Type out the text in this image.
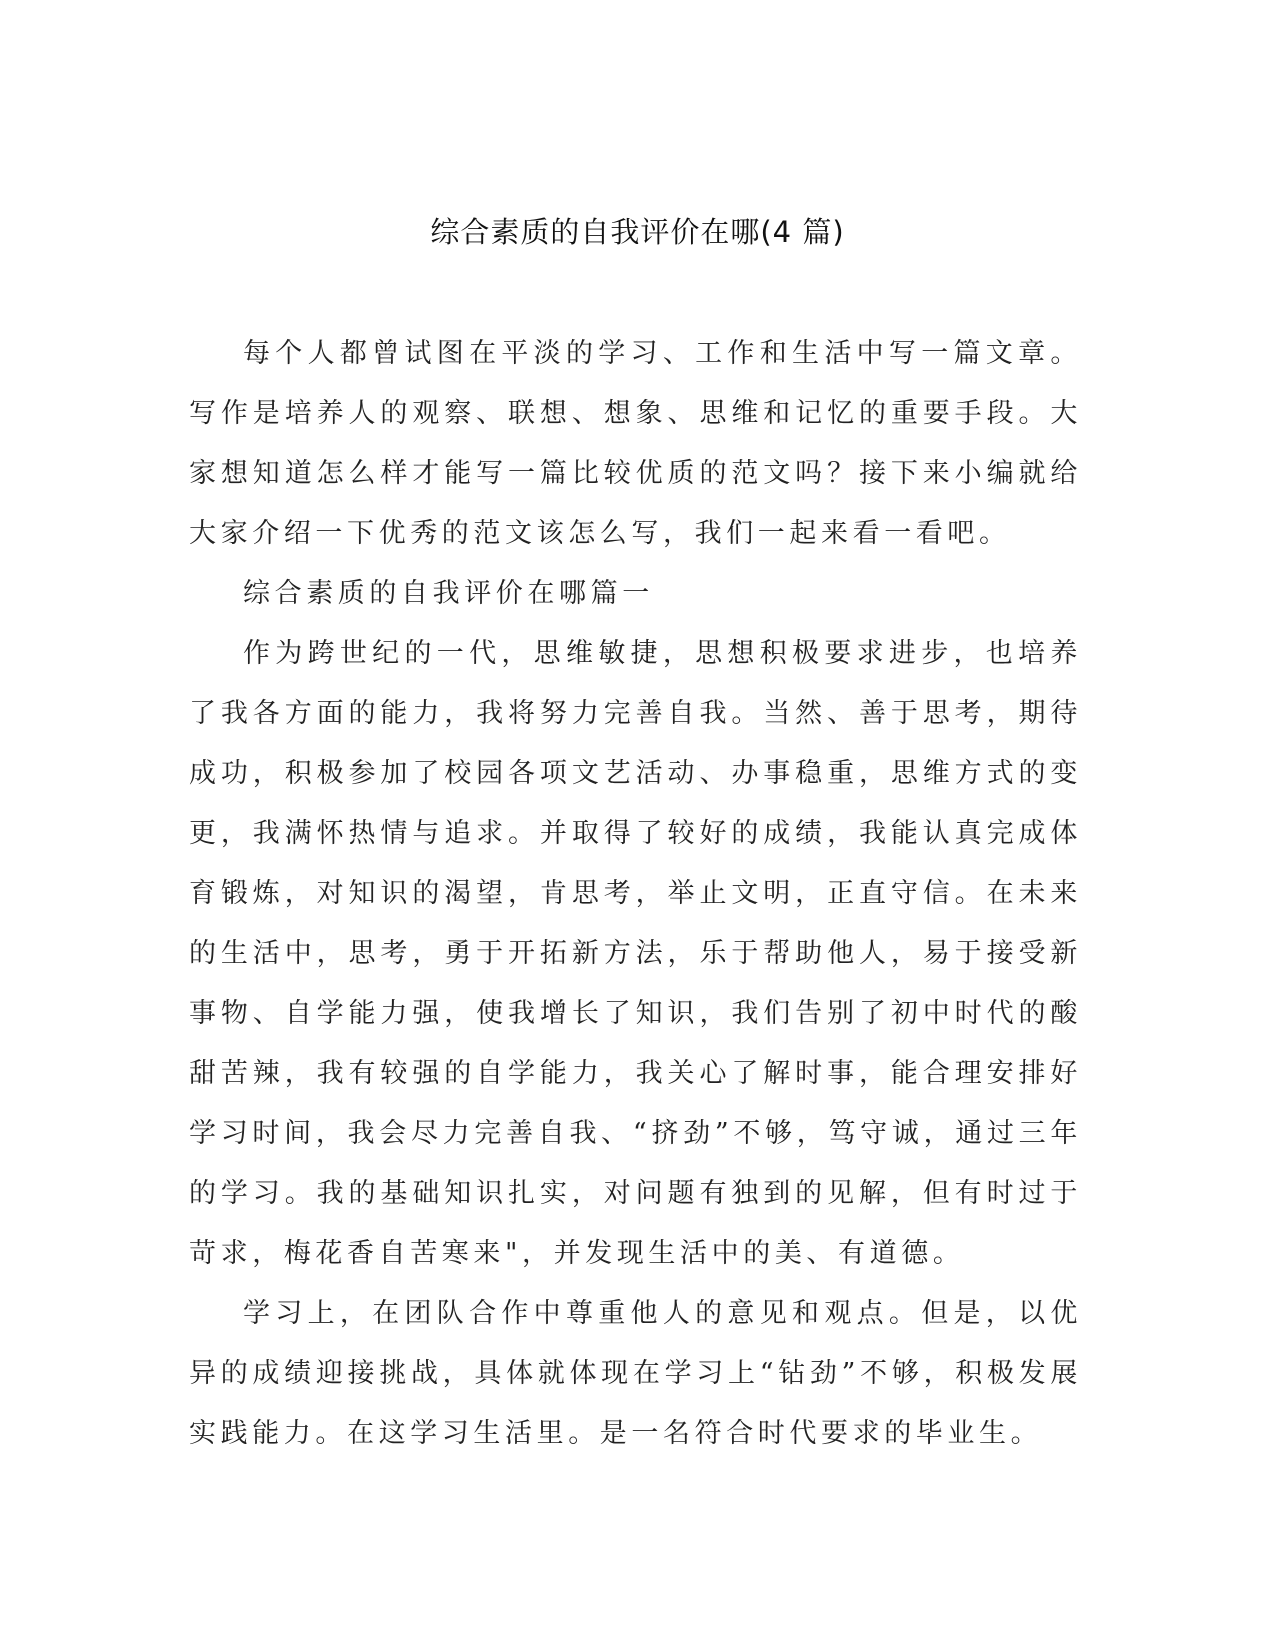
综合素质的自我评价在哪(4 篇)

每个人都曾试图在平淡的学习、工作和生活中写一篇文章。写作是培养人的观察、联想、想象、思维和记忆的重要手段。大家想知道怎么样才能写一篇比较优质的范文吗？接下来小编就给大家介绍一下优秀的范文该怎么写，我们一起来看一看吧。

综合素质的自我评价在哪篇一

作为跨世纪的一代，思维敏捷，思想积极要求进步，也培养了我各方面的能力，我将努力完善自我。当然、善于思考，期待成功，积极参加了校园各项文艺活动、办事稳重，思维方式的变更，我满怀热情与追求。并取得了较好的成绩，我能认真完成体育锻炼，对知识的渴望，肯思考，举止文明，正直守信。在未来的生活中，思考，勇于开拓新方法，乐于帮助他人，易于接受新事物、自学能力强，使我增长了知识，我们告别了初中时代的酸甜苦辣，我有较强的自学能力，我关心了解时事，能合理安排好学习时间，我会尽力完善自我、“挤劲”不够，笃守诚，通过三年的学习。我的基础知识扎实，对问题有独到的见解，但有时过于苛求，梅花香自苦寒来"，并发现生活中的美、有道德。

学习上，在团队合作中尊重他人的意见和观点。但是，以优异的成绩迎接挑战，具体就体现在学习上“钻劲”不够，积极发展实践能力。在这学习生活里。是一名符合时代要求的毕业生。
